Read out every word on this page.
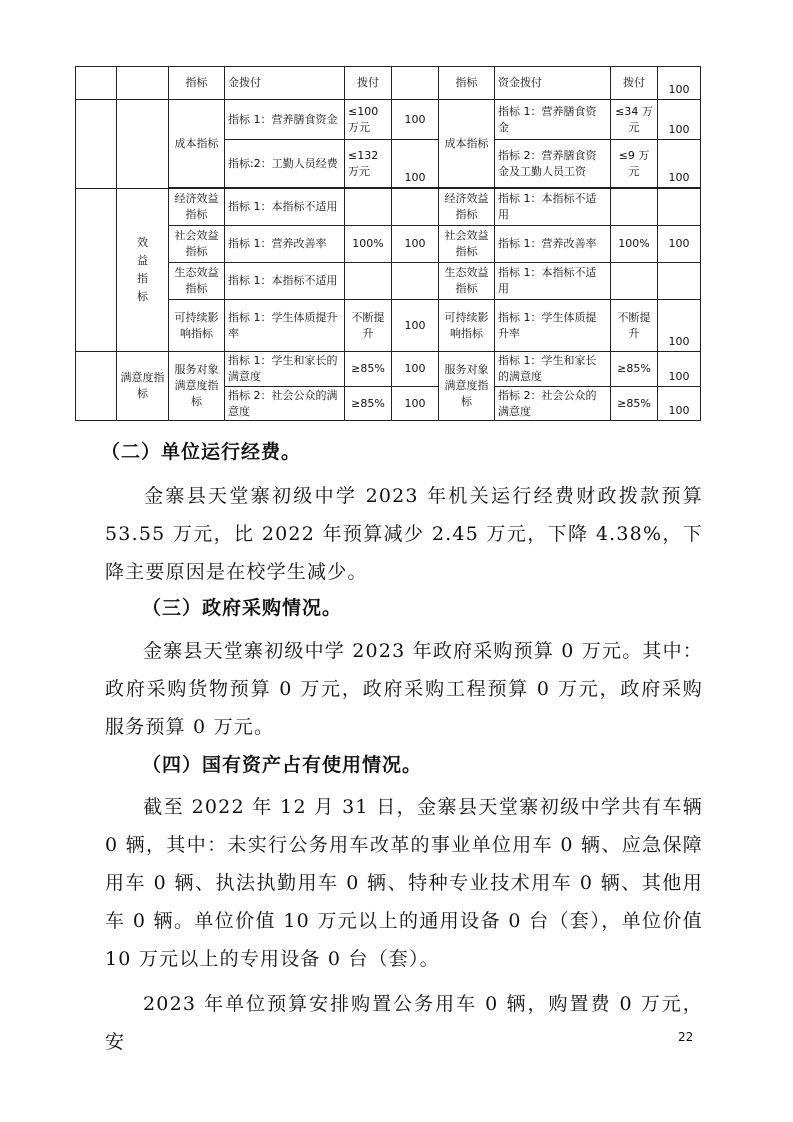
		指标	金拨付	拨付		指标	资金拨付	拨付	100
		成本指标	指标 1：营养膳食资金	≤100万元	100	成本指标	指标 1：营养膳食资金	≤34 万元	100
			指标:2：工勤人员经费	≤132万元	100		指标 2：营养膳食资金及工勤人员工资	≤9 万元	100

	效益指标	经济效益指标	指标 1：本指标不适用			经济效益指标	指标 1：本指标不适用		
		社会效益指标	指标 1：营养改善率	100%	100	社会效益指标	指标 1：营养改善率	100%	100
		生态效益指标	指标 1：本指标不适用			生态效益指标	指标 1：本指标不适用		
		可持续影响指标	指标 1：学生体质提升率	不断提升	100	可持续影响指标	指标 1：学生体质提升率	不断提升	100
	满意度指标	服务对象满意度指标	指标 1：学生和家长的满意度	≥85%	100	服务对象满意度指标	指标 1：学生和家长的满意度	≥85%	100
			指标 2：社会公众的满意度	≥85%	100		指标 2：社会公众的满意度	≥85%	100
（二）单位运行经费。

金寨县天堂寨初级中学 2023 年机关运行经费财政拨款预算 53.55 万元，比 2022 年预算减少 2.45 万元，下降 4.38%，下降主要原因是在校学生减少。

（三）政府采购情况。

金寨县天堂寨初级中学 2023 年政府采购预算 0 万元。其中：政府采购货物预算 0 万元，政府采购工程预算 0 万元，政府采购服务预算 0 万元。

（四）国有资产占有使用情况。

截至 2022 年 12 月 31 日，金寨县天堂寨初级中学共有车辆 0 辆，其中：未实行公务用车改革的事业单位用车 0 辆、应急保障用车 0 辆、执法执勤用车 0 辆、特种专业技术用车 0 辆、其他用车 0 辆。单位价值 10 万元以上的通用设备 0 台（套），单位价值 10 万元以上的专用设备 0 台（套）。

2023 年单位预算安排购置公务用车 0 辆，购置费 0 万元，安	22
